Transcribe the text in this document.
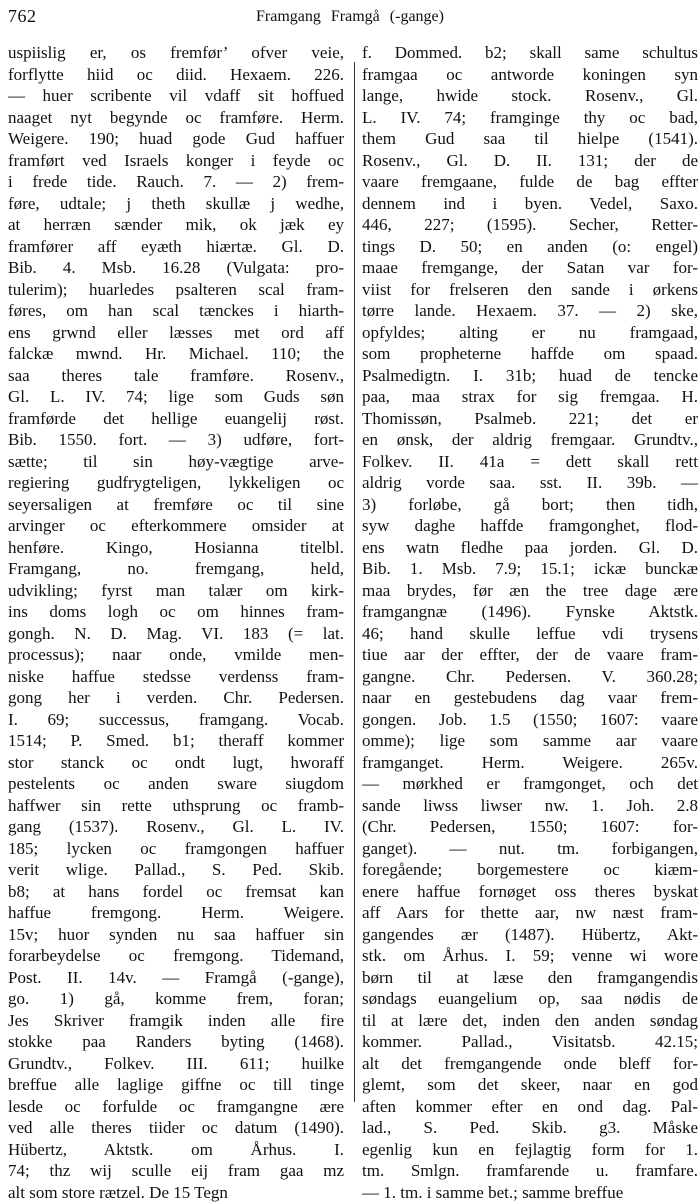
762	Framgang Framgå (-gange)
uspiislig er, os fremfør’ ofver veie,
forflytte hiid oc diid. Hexaem. 226.
— huer scribente vil vdaff sit hoffued
naaget nyt begynde oc framføre. Herm.
Weigere. 190; huad gode Gud haffuer
framført ved Israels konger i feyde oc
i frede tide. Rauch. 7. — 2) frem-
føre, udtale; j theth skullæ j wedhe,
at herræn sænder mik, ok jæk ey
framfører aff eyæth hiærtæ. Gl. D.
Bib. 4. Msb. 16.28 (Vulgata: pro-
tulerim); huarledes psalteren scal fram-
føres, om han scal tænckes i hiarth-
ens grwnd eller læsses met ord aff
falckæ mwnd. Hr. Michael. 110; the
saa theres tale framføre. Rosenv.,
Gl. L. IV. 74; lige som Guds søn
framførde det hellige euangelij røst.
Bib. 1550. fort. — 3) udføre, fort-
sætte; til sin høy-vægtige arve-
regiering gudfrygteligen, lykkeligen oc
seyersaligen at fremføre oc til sine
arvinger oc efterkommere omsider at
henføre. Kingo, Hosianna titelbl.
Framgang, no. fremgang, held,
udvikling; fyrst man talær om kirk-
ins doms logh oc om hinnes fram-
gongh. N. D. Mag. VI. 183 (= lat.
processus); naar onde, vmilde men-
niske haffue stedsse verdenss fram-
gong her i verden. Chr. Pedersen.
I. 69; successus, framgang. Vocab.
1514; P. Smed. b1; theraff kommer
stor stanck oc ondt lugt, hworaff
pestelents oc anden sware siugdom
haffwer sin rette uthsprung oc framb-
gang (1537). Rosenv., Gl. L. IV.
185; lycken oc framgongen haffuer
verit wlige. Pallad., S. Ped. Skib.
b8; at hans fordel oc fremsat kan
haffue fremgong. Herm. Weigere.
15v; huor synden nu saa haffuer sin
forarbeydelse oc fremgong. Tidemand,
Post. II. 14v. — Framgå (-gange),
go. 1) gå, komme frem, foran;
Jes Skriver framgik inden alle fire
stokke paa Randers byting (1468).
Grundtv., Folkev. III. 611; huilke
breffue alle laglige giffne oc till tinge
lesde oc forfulde oc framgangne ære
ved alle theres tiider oc datum (1490).
Hübertz, Aktstk. om Århus. I.
74; thz wij sculle eij fram gaa mz
alt som store rætzel. De 15 Tegn
f. Dommed. b2; skall same schultus
framgaa oc antworde koningen syn
lange, hwide stock. Rosenv., Gl.
L. IV. 74; framginge thy oc bad,
them Gud saa til hielpe (1541).
Rosenv., Gl. D. II. 131; der de
vaare fremgaane, fulde de bag effter
dennem ind i byen. Vedel, Saxo.
446, 227; (1595). Secher, Retter-
tings D. 50; en anden (o: engel)
maae fremgange, der Satan var for-
viist for frelseren den sande i ørkens
tørre lande. Hexaem. 37. — 2) ske,
opfyldes; alting er nu framgaad,
som propheterne haffde om spaad.
Psalmedigtn. I. 31b; huad de tencke
paa, maa strax for sig fremgaa. H.
Thomissøn, Psalmeb. 221; det er
en ønsk, der aldrig fremgaar. Grundtv.,
Folkev. II. 41a = dett skall rett
aldrig vorde saa. sst. II. 39b. —
3) forløbe, gå bort; then tidh,
syw daghe haffde framgonghet, flod-
ens watn fledhe paa jorden. Gl. D.
Bib. 1. Msb. 7.9; 15.1; ickæ bunckæ
maa brydes, før æn the tree dage ære
framgangnæ (1496). Fynske Aktstk.
46; hand skulle leffue vdi trysens
tiue aar der effter, der de vaare fram-
gangne. Chr. Pedersen. V. 360.28;
naar en gestebudens dag vaar frem-
gongen. Job. 1.5 (1550; 1607: vaare
omme); lige som samme aar vaare
framganget. Herm. Weigere. 265v.
— mørkhed er framgonget, och det
sande liwss liwser nw. 1. Joh. 2.8
(Chr. Pedersen, 1550; 1607: for-
ganget). — nut. tm. forbigangen,
foregående; borgemestere oc kiæm-
enere haffue fornøget oss theres byskat
aff Aars for thette aar, nw næst fram-
gangendes ær (1487). Hübertz, Akt-
stk. om Århus. I. 59; venne wi wore
børn til at læse den framgangendis
søndags euangelium op, saa nødis de
til at lære det, inden den anden søndag
kommer. Pallad., Visitatsb. 42.15;
alt det fremgangende onde bleff for-
glemt, som det skeer, naar en god
aften kommer efter en ond dag. Pal-
lad., S. Ped. Skib. g3. Måske
egenlig kun en fejlagtig form for 1.
tm. Smlgn. framfarende u. framfare.
— 1. tm. i samme bet.; samme breffue
